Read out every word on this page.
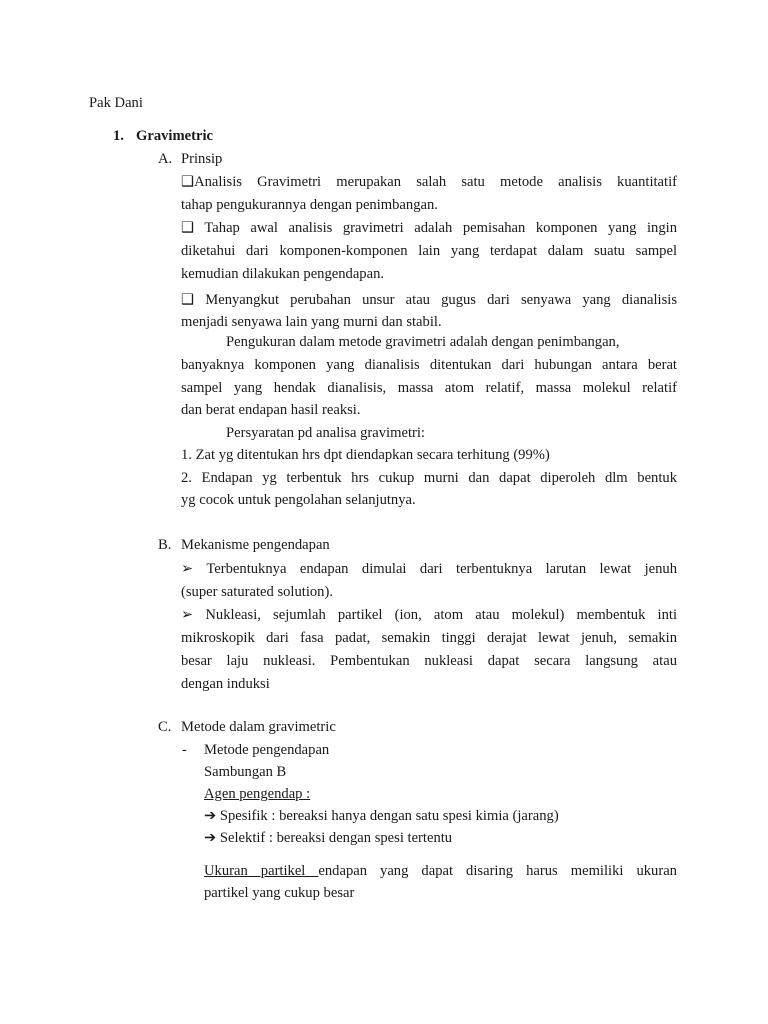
Pak Dani
1. Gravimetric
A. Prinsip
❑Analisis Gravimetri merupakan salah satu metode analisis kuantitatif
tahap pengukurannya dengan penimbangan.
❑ Tahap awal analisis gravimetri adalah pemisahan komponen yang ingin
diketahui dari komponen-komponen lain yang terdapat dalam suatu sampel
kemudian dilakukan pengendapan.
❑ Menyangkut perubahan unsur atau gugus dari senyawa yang dianalisis
menjadi senyawa lain yang murni dan stabil.
Pengukuran dalam metode gravimetri adalah dengan penimbangan,
banyaknya komponen yang dianalisis ditentukan dari hubungan antara berat
sampel yang hendak dianalisis, massa atom relatif, massa molekul relatif
dan berat endapan hasil reaksi.
Persyaratan pd analisa gravimetri:
1. Zat yg ditentukan hrs dpt diendapkan secara terhitung (99%)
2. Endapan yg terbentuk hrs cukup murni dan dapat diperoleh dlm bentuk
yg cocok untuk pengolahan selanjutnya.
B. Mekanisme pengendapan
➢ Terbentuknya endapan dimulai dari terbentuknya larutan lewat jenuh
(super saturated solution).
➢ Nukleasi, sejumlah partikel (ion, atom atau molekul) membentuk inti
mikroskopik dari fasa padat, semakin tinggi derajat lewat jenuh, semakin
besar laju nukleasi. Pembentukan nukleasi dapat secara langsung atau
dengan induksi
C. Metode dalam gravimetric
- Metode pengendapan
Sambungan B
Agen pengendap :
➔ Spesifik : bereaksi hanya dengan satu spesi kimia (jarang)
➔ Selektif : bereaksi dengan spesi tertentu
Ukuran partikel endapan yang dapat disaring harus memiliki ukuran
partikel yang cukup besar
